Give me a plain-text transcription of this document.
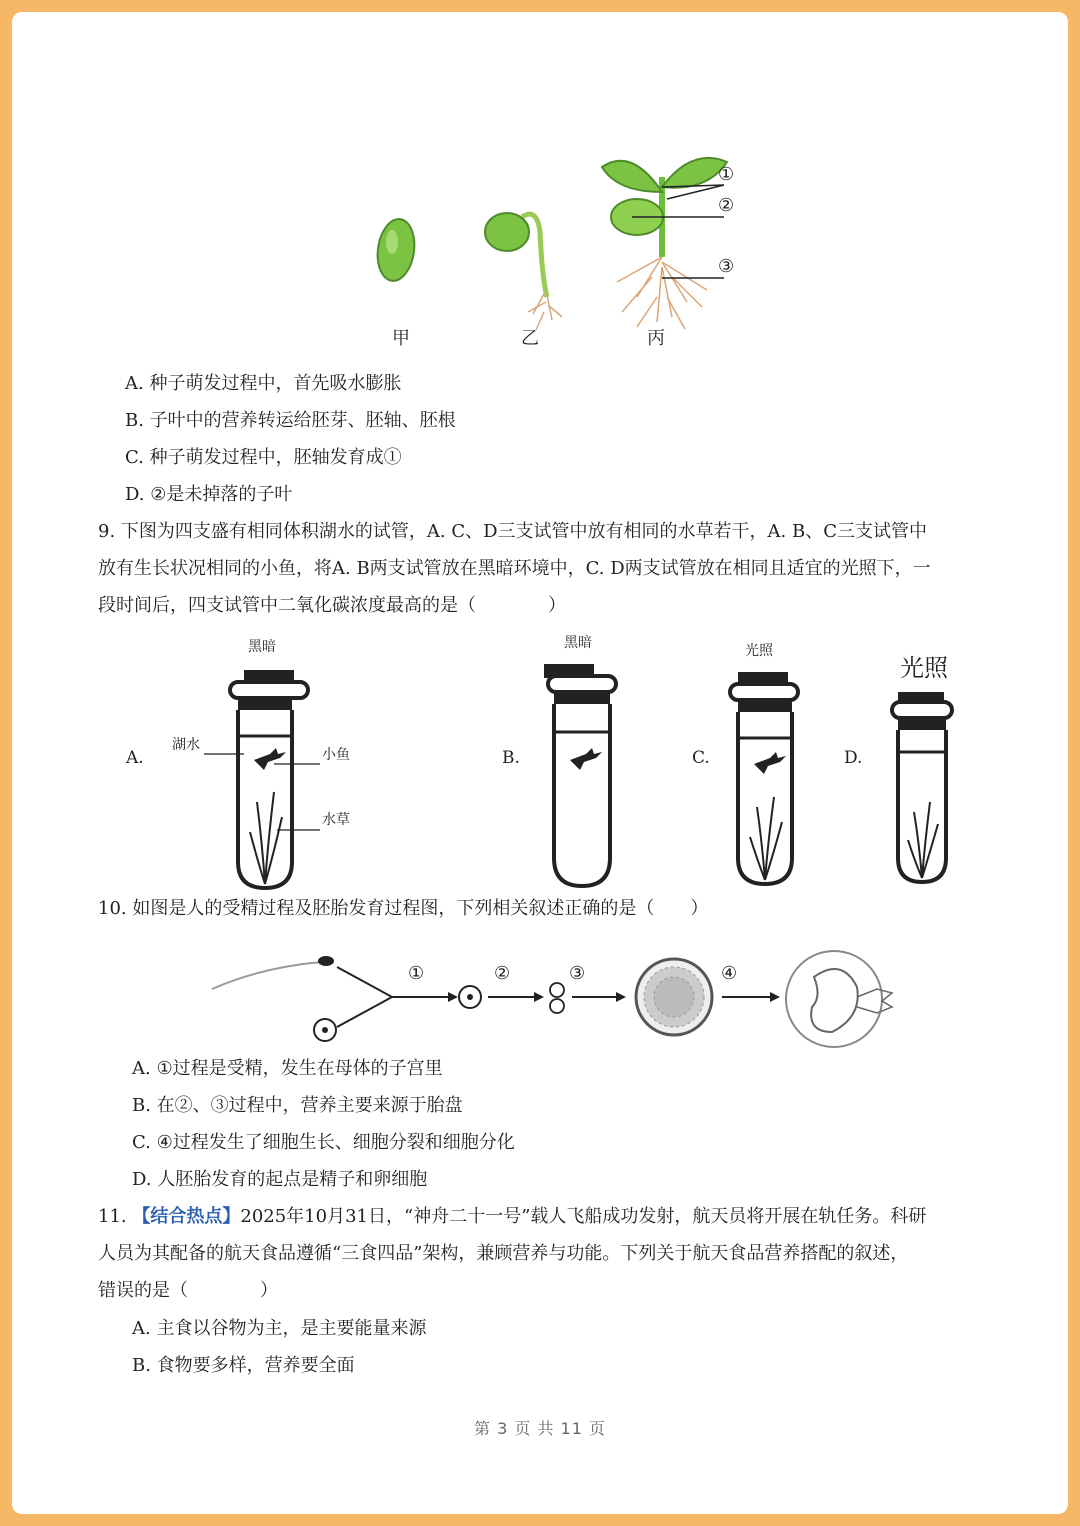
①
②
③
甲	乙	丙
A. 种子萌发过程中，首先吸水膨胀
B. 子叶中的营养转运给胚芽、胚轴、胚根
C. 种子萌发过程中，胚轴发育成①
D. ②是未掉落的子叶
9. 下图为四支盛有相同体积湖水的试管，A. C、D三支试管中放有相同的水草若干，A. B、C三支试管中
放有生长状况相同的小鱼，将A. B两支试管放在黑暗环境中，C. D两支试管放在相同且适宜的光照下，一
段时间后，四支试管中二氧化碳浓度最高的是（　　　　）
A.	B.	C.	D.
黑暗	黑暗	光照
光照
湖水
小鱼
水草
10. 如图是人的受精过程及胚胎发育过程图，下列相关叙述正确的是（　　）
①	②	③	④
A. ①过程是受精，发生在母体的子宫里
B. 在②、③过程中，营养主要来源于胎盘
C. ④过程发生了细胞生长、细胞分裂和细胞分化
D. 人胚胎发育的起点是精子和卵细胞
11. 【结合热点】2025年10月31日，“神舟二十一号”载人飞船成功发射，航天员将开展在轨任务。科研
人员为其配备的航天食品遵循“三食四品”架构，兼顾营养与功能。下列关于航天食品营养搭配的叙述，
错误的是（　　　　）
A. 主食以谷物为主，是主要能量来源
B. 食物要多样，营养要全面
第 3 页 共 11 页
